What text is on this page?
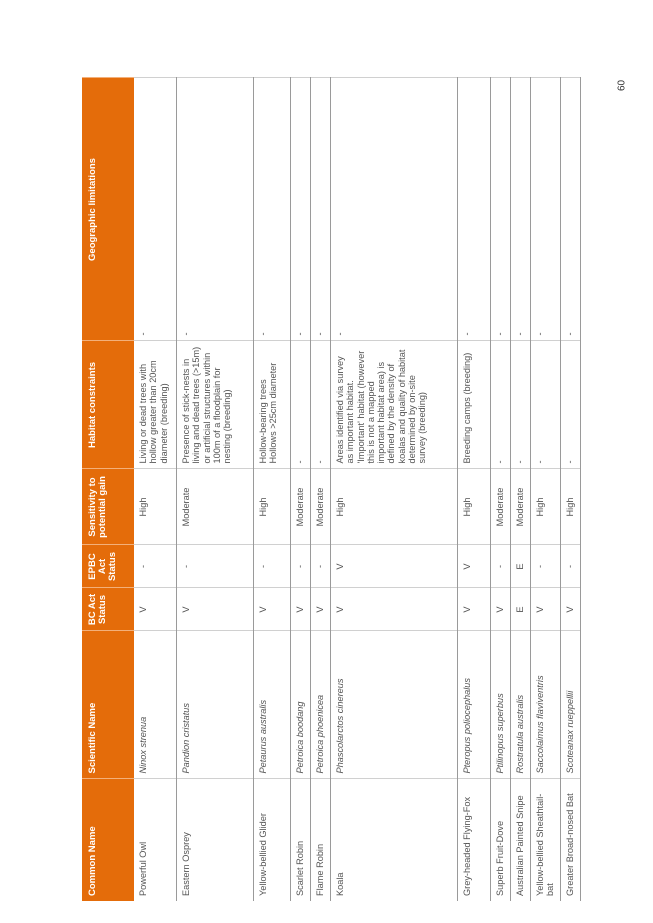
60
Common Name	Scientific Name	BC Act Status	EPBC Act Status	Sensitivity to potential gain	Habitat constraints	Geographic limitations
Powerful Owl	Ninox strenua	V	-	High	Living or dead trees with hollow greater than 20cm diameter (breeding)	-
Eastern Osprey	Pandion cristatus	V	-	Moderate	Presence of stick-nests in living and dead trees (>15m) or artificial structures within 100m of a floodplain for nesting (breeding)	-
Yellow-bellied Glider	Petaurus australis	V	-	High	Hollow-bearing trees Hollows >25cm diameter	-
Scarlet Robin	Petroica boodang	V	-	Moderate	-	-
Flame Robin	Petroica phoenicea	V	-	Moderate	-	-
Koala	Phascolarctos cinereus	V	V	High	Areas identified via survey as important habitat. 'Important' habitat (however this is not a mapped important habitat area) is defined by the density of koalas and quality of habitat determined by on-site survey (breeding)	-
Grey-headed Flying-Fox	Pteropus poliocephalus	V	V	High	Breeding camps (breeding)	-
Superb Fruit-Dove	Ptilinopus superbus	V	-	Moderate	-	-
Australian Painted Snipe	Rostratula australis	E	E	Moderate	-	-
Yellow-bellied Sheathtail-bat	Saccolaimus flaviventris	V	-	High	-	-
Greater Broad-nosed Bat	Scoteanax rueppellii	V	-	High	-	-
